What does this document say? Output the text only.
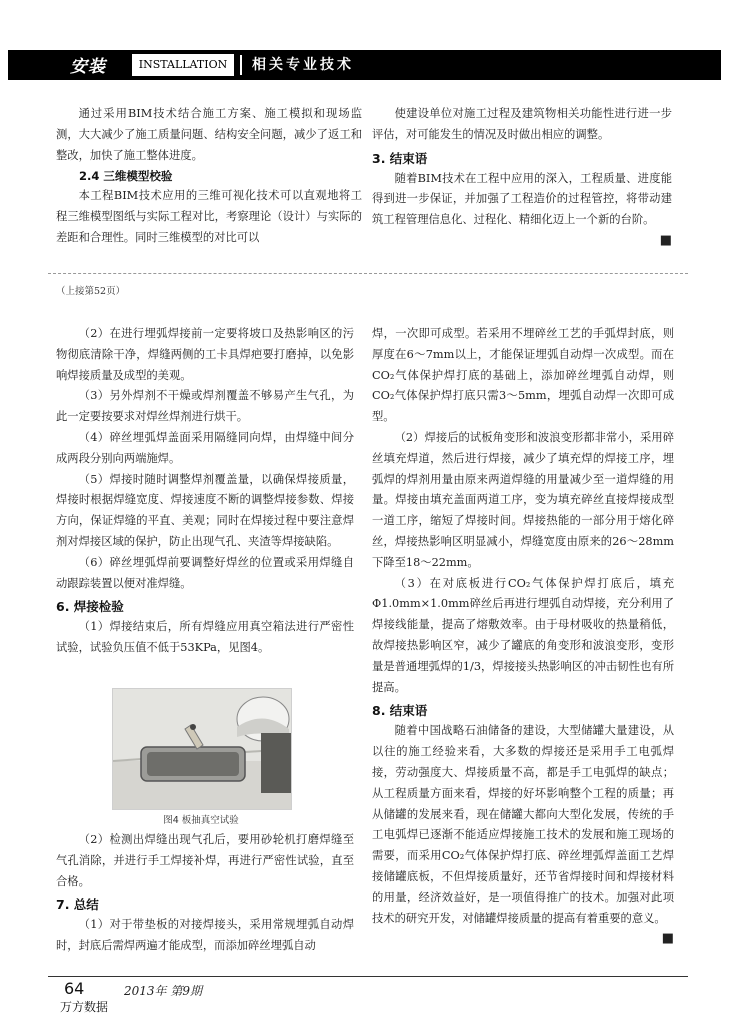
安装	INSTALLATION	相关专业技术

通过采用BIM技术结合施工方案、施工模拟和现场监测，大大减少了施工质量问题、结构安全问题，减少了返工和整改，加快了施工整体进度。

2.4 三维模型校验

本工程BIM技术应用的三维可视化技术可以直观地将工程三维模型图纸与实际工程对比，考察理论（设计）与实际的差距和合理性。同时三维模型的对比可以

使建设单位对施工过程及建筑物相关功能性进行进一步评估，对可能发生的情况及时做出相应的调整。

3. 结束语

随着BIM技术在工程中应用的深入，工程质量、进度能得到进一步保证，并加强了工程造价的过程管控，将带动建筑工程管理信息化、过程化、精细化迈上一个新的台阶。

■
（上接第52页）

（2）在进行埋弧焊接前一定要将坡口及热影响区的污物彻底清除干净，焊缝两侧的工卡具焊疤要打磨掉，以免影响焊接质量及成型的美观。

（3）另外焊剂不干燥或焊剂覆盖不够易产生气孔，为此一定要按要求对焊丝焊剂进行烘干。

（4）碎丝埋弧焊盖面采用隔缝同向焊，由焊缝中间分成两段分别向两端施焊。

（5）焊接时随时调整焊剂覆盖量，以确保焊接质量，焊接时根据焊缝宽度、焊接速度不断的调整焊接参数、焊接方向，保证焊缝的平直、美观；同时在焊接过程中要注意焊剂对焊接区域的保护，防止出现气孔、夹渣等焊接缺陷。

（6）碎丝埋弧焊前要调整好焊丝的位置或采用焊缝自动跟踪装置以便对准焊缝。

6. 焊接检验

（1）焊接结束后，所有焊缝应用真空箱法进行严密性试验，试验负压值不低于53KPa，见图4。

图4 板抽真空试验

（2）检测出焊缝出现气孔后，要用砂轮机打磨焊缝至气孔消除，并进行手工焊接补焊，再进行严密性试验，直至合格。

7. 总结

（1）对于带垫板的对接焊接头，采用常规埋弧自动焊时，封底后需焊两遍才能成型，而添加碎丝埋弧自动

焊，一次即可成型。若采用不埋碎丝工艺的手弧焊封底，则厚度在6～7mm以上，才能保证埋弧自动焊一次成型。而在CO₂气体保护焊打底的基础上，添加碎丝埋弧自动焊，则CO₂气体保护焊打底只需3～5mm，埋弧自动焊一次即可成型。

（2）焊接后的试板角变形和波浪变形都非常小，采用碎丝填充焊道，然后进行焊接，减少了填充焊的焊接工序，埋弧焊的焊剂用量由原来两道焊缝的用量减少至一道焊缝的用量。焊接由填充盖面两道工序，变为填充碎丝直接焊接成型一道工序，缩短了焊接时间。焊接热能的一部分用于熔化碎丝，焊接热影响区明显减小，焊缝宽度由原来的26～28mm下降至18～22mm。

（3）在对底板进行CO₂气体保护焊打底后，填充Φ1.0mm×1.0mm碎丝后再进行埋弧自动焊接，充分利用了焊接线能量，提高了熔敷效率。由于母材吸收的热量稍低，故焊接热影响区窄，减少了罐底的角变形和波浪变形，变形量是普通埋弧焊的1/3，焊接接头热影响区的冲击韧性也有所提高。

8. 结束语

随着中国战略石油储备的建设，大型储罐大量建设，从以往的施工经验来看，大多数的焊接还是采用手工电弧焊接，劳动强度大、焊接质量不高，都是手工电弧焊的缺点；从工程质量方面来看，焊接的好坏影响整个工程的质量；再从储罐的发展来看，现在储罐大都向大型化发展，传统的手工电弧焊已逐渐不能适应焊接施工技术的发展和施工现场的需要，而采用CO₂气体保护焊打底、碎丝埋弧焊盖面工艺焊接储罐底板，不但焊接质量好，还节省焊接时间和焊接材料的用量，经济效益好，是一项值得推广的技术。加强对此项技术的研究开发，对储罐焊接质量的提高有着重要的意义。

■
64	2013年 第9期
万方数据
